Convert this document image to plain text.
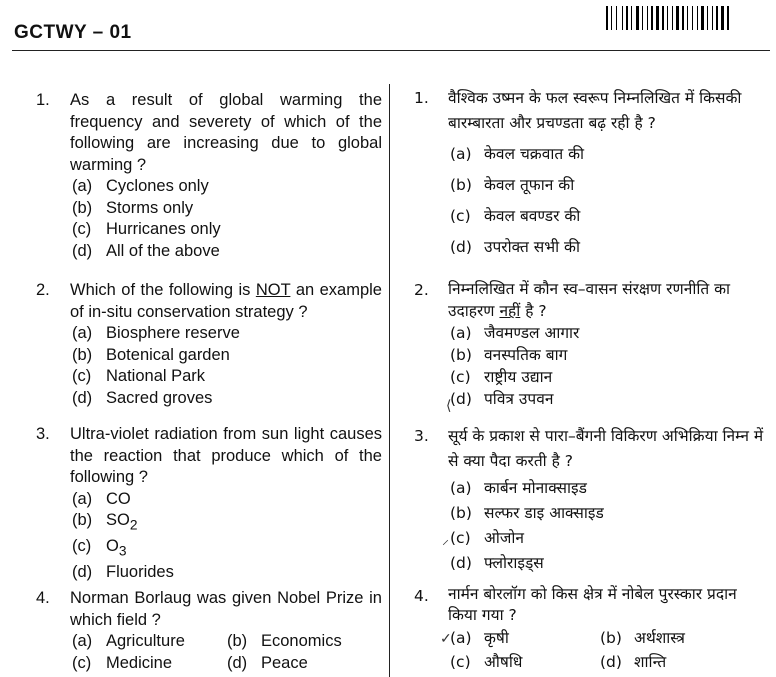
GCTWY – 01
1. As a result of global warming the frequency and severety of which of the following are increasing due to global warming ?
(a) Cyclones only
(b) Storms only
(c) Hurricanes only
(d) All of the above
2. Which of the following is NOT an example of in-situ conservation strategy ?
(a) Biosphere reserve
(b) Botenical garden
(c) National Park
(d) Sacred groves
3. Ultra-violet radiation from sun light causes the reaction that produce which of the following ?
(a) CO
(b) $SO_2$
(c) $O_3$
(d) Fluorides
4. Norman Borlaug was given Nobel Prize in which field ?
(a) Agriculture	(b) Economics
(c) Medicine	(d) Peace
1. वैश्विक उष्मन के फल स्वरूप निम्नलिखित में किसकी बारम्बारता और प्रचण्डता बढ़ रही है ?
(a) केवल चक्रवात की
(b) केवल तूफान की
(c) केवल बवण्डर की
(d) उपरोक्त सभी की
2. निम्नलिखित में कौन स्व–वासन संरक्षण रणनीति का उदाहरण नहीं है ?
(a) जैवमण्डल आगार
(b) वनस्पतिक बाग
(c) राष्ट्रीय उद्यान
(d) पवित्र उपवन
3. सूर्य के प्रकाश से पारा–बैंगनी विकिरण अभिक्रिया निम्न में से क्या पैदा करती है ?
(a) कार्बन मोनाक्साइड
(b) सल्फर डाइ आक्साइड
(c) ओजोन
(d) फ्लोराइड्स
4. नार्मन बोरलॉग को किस क्षेत्र में नोबेल पुरस्कार प्रदान किया गया ?
(a) कृषी	(b) अर्थशास्त्र
(c) औषधि	(d) शान्ति
⟨
⸝
✓
